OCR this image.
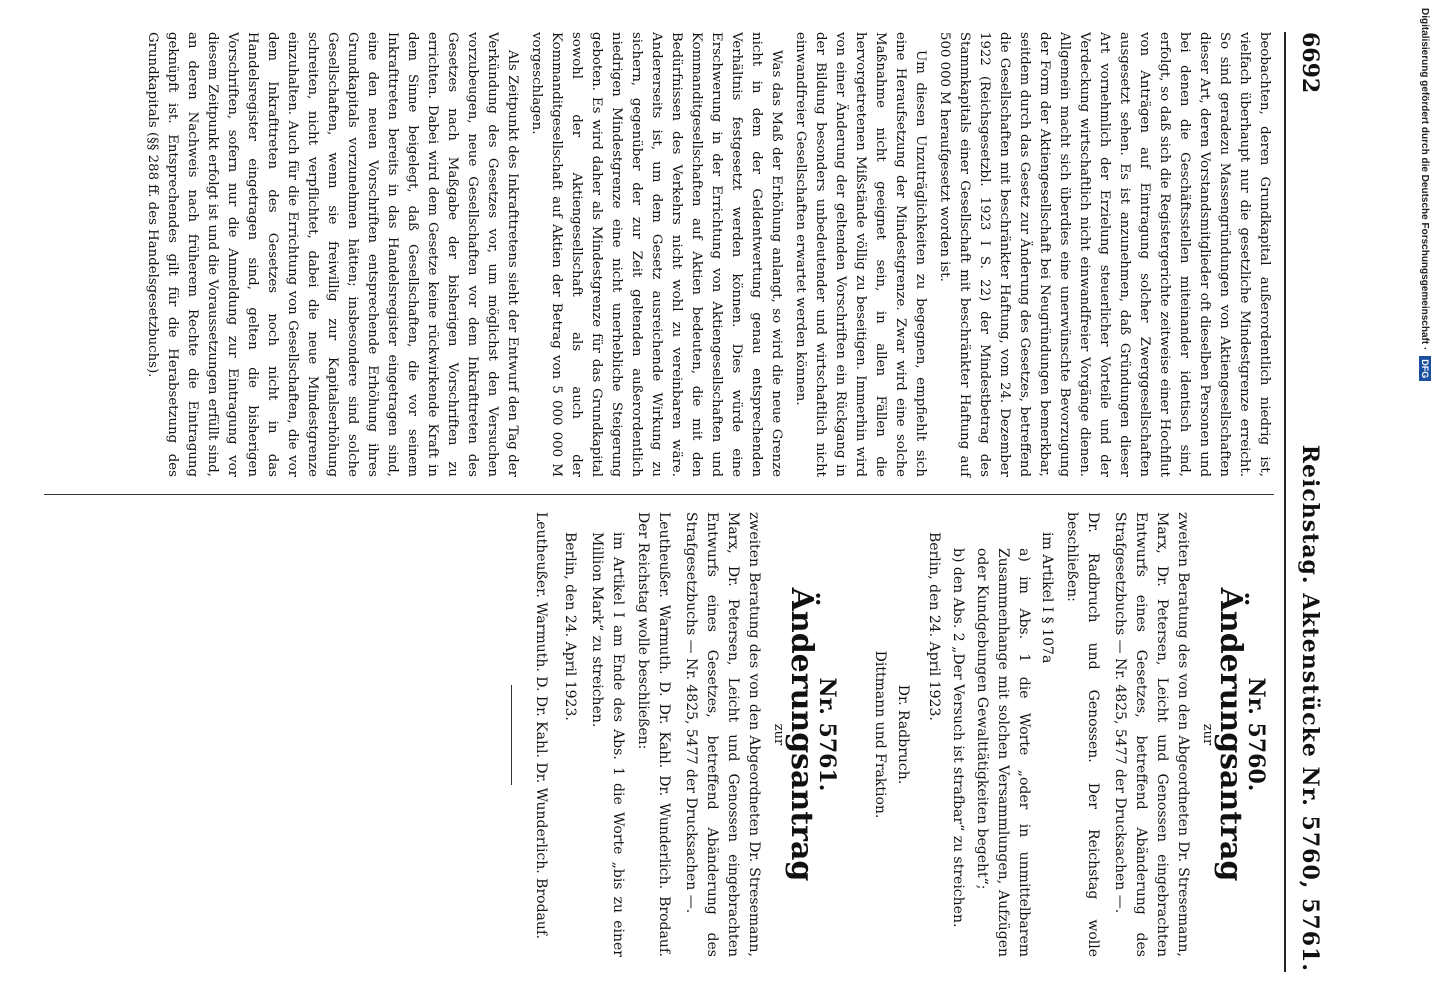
6692
Reichstag. Aktenstücke Nr. 5760, 5761.

beobachten, deren Grundkapital außerordentlich niedrig ist, vielfach überhaupt nur die gesetzliche Mindestgrenze erreicht. So sind geradezu Massengründungen von Aktiengesellschaften dieser Art, deren Vorstandsmitglieder oft dieselben Personen und bei denen die Geschäftsstellen miteinander identisch sind, erfolgt, so daß sich die Registergerichte zeitweise einer Hochflut von Anträgen auf Eintragung solcher Zwerggesellschaften ausgesetzt sehen. Es ist anzunehmen, daß Gründungen dieser Art vornehmlich der Erzielung steuerlicher Vorteile und der Verdeckung wirtschaftlich nicht einwandfreier Vorgänge dienen. Allgemein macht sich überdies eine unerwünschte Bevorzugung der Form der Aktiengesellschaft bei Neugründungen bemerkbar, seitdem durch das Gesetz zur Änderung des Gesetzes, betreffend die Gesellschaften mit beschränkter Haftung, vom 24. Dezember 1922 (Reichsgesetzbl. 1923 I S. 22) der Mindestbetrag des Stammkapitals einer Gesellschaft mit beschränkter Haftung auf 500 000 M heraufgesetzt worden ist.

Um diesen Unzuträglichkeiten zu begegnen, empfiehlt sich eine Heraufsetzung der Mindestgrenze. Zwar wird eine solche Maßnahme nicht geeignet sein, in allen Fällen die hervorgetretenen Mißstände völlig zu beseitigen. Immerhin wird von einer Änderung der geltenden Vorschriften ein Rückgang in der Bildung besonders unbedeutender und wirtschaftlich nicht einwandfreier Gesellschaften erwartet werden können.

Was das Maß der Erhöhung anlangt, so wird die neue Grenze nicht in dem der Geldentwertung genau entsprechenden Verhältnis festgesetzt werden können. Dies würde eine Erschwerung in der Errichtung von Aktiengesellschaften und Kommanditgesellschaften auf Aktien bedeuten, die mit den Bedürfnissen des Verkehrs nicht wohl zu vereinbaren wäre. Andererseits ist, um dem Gesetz ausreichende Wirkung zu sichern, gegenüber der zur Zeit geltenden außerordentlich niedrigen Mindestgrenze eine nicht unerhebliche Steigerung geboten. Es wird daher als Mindestgrenze für das Grundkapital sowohl der Aktiengesellschaft als auch der Kommanditgesellschaft auf Aktien der Betrag von 5 000 000 M vorgeschlagen.

Als Zeitpunkt des Inkrafttretens sieht der Entwurf den Tag der Verkündung des Gesetzes vor, um möglichst den Versuchen vorzubeugen, neue Gesellschaften vor dem Inkrafttreten des Gesetzes nach Maßgabe der bisherigen Vorschriften zu errichten. Dabei wird dem Gesetze keine rückwirkende Kraft in dem Sinne beigelegt, daß Gesellschaften, die vor seinem Inkrafttreten bereits in das Handelsregister eingetragen sind, eine den neuen Vorschriften entsprechende Erhöhung ihres Grundkapitals vorzunehmen hätten; insbesondere sind solche Gesellschaften, wenn sie freiwillig zur Kapitalserhöhung schreiten, nicht verpflichtet, dabei die neue Mindestgrenze einzuhalten. Auch für die Errichtung von Gesellschaften, die vor dem Inkrafttreten des Gesetzes noch nicht in das Handelsregister eingetragen sind, gelten die bisherigen Vorschriften, sofern nur die Anmeldung zur Eintragung vor diesem Zeitpunkt erfolgt ist und die Voraussetzungen erfüllt sind, an deren Nachweis nach früherem Rechte die Eintragung geknüpft ist. Entsprechendes gilt für die Herabsetzung des Grundkapitals (§§ 288 ff. des Handelsgesetzbuchs).

Nr. 5760.
Änderungsantrag
zur
zweiten Beratung des von den Abgeordneten Dr. Stresemann, Marx, Dr. Petersen, Leicht und Genossen eingebrachten Entwurfs eines Gesetzes, betreffend Abänderung des Strafgesetzbuchs — Nr. 4825, 5477 der Drucksachen —.
Dr. Radbruch und Genossen. Der Reichstag wolle beschließen:
im Artikel I § 107a
a) im Abs. 1 die Worte „oder in unmittelbarem Zusammenhange mit solchen Versammlungen, Aufzügen oder Kundgebungen Gewalttätigkeiten begeht“;
b) den Abs. 2 „Der Versuch ist strafbar“ zu streichen.
Berlin, den 24. April 1923.
Dr. Radbruch.
Dittmann und Fraktion.
Nr. 5761.
Änderungsantrag
zur
zweiten Beratung des von den Abgeordneten Dr. Stresemann, Marx, Dr. Petersen, Leicht und Genossen eingebrachten Entwurfs eines Gesetzes, betreffend Abänderung des Strafgesetzbuchs — Nr. 4825, 5477 der Drucksachen —.
Leutheußer. Warmuth. D. Dr. Kahl. Dr. Wunderlich. Brodauf. Der Reichstag wolle beschließen:
im Artikel I am Ende des Abs. 1 die Worte „bis zu einer Million Mark“ zu streichen.
Berlin, den 24. April 1923.
Leutheußer. Warmuth. D. Dr. Kahl. Dr. Wunderlich. Brodauf.
Digitalisierung gefördert durch die Deutsche Forschungsgemeinschaft ·
DFG
